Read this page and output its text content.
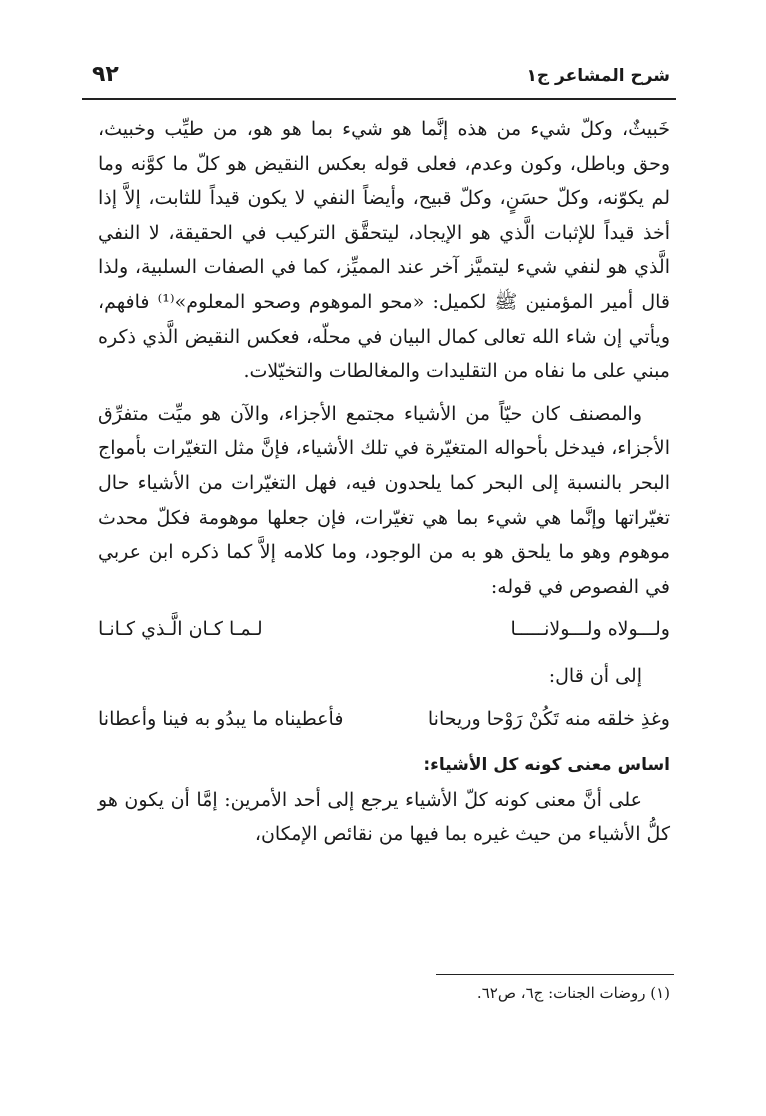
شرح المشاعر ج١
٩٢

خَبيثٌ، وكلّ شيء من هذه إنَّما هو شيء بما هو هو، من طيِّب وخبيث، وحق وباطل، وكون وعدم، فعلى قوله بعكس النقيض هو كلّ ما كوَّنه وما لم يكوّنه، وكلّ حسَنٍ، وكلّ قبيح، وأيضاً النفي لا يكون قيداً للثابت، إلاَّ إذا أخذ قيداً للإثبات الَّذي هو الإيجاد، ليتحقَّق التركيب في الحقيقة، لا النفي الَّذي هو لنفي شيء ليتميَّز آخر عند المميِّز، كما في الصفات السلبية، ولذا قال أمير المؤمنين ﷺ لكميل: «محو الموهوم وصحو المعلوم»⁽¹⁾ فافهم، ويأتي إن شاء الله تعالى كمال البيان في محلّه، فعكس النقيض الَّذي ذكره مبني على ما نفاه من التقليدات والمغالطات والتخيّلات.

والمصنف كان حيّاً من الأشياء مجتمع الأجزاء، والآن هو ميِّت متفرِّق الأجزاء، فيدخل بأحواله المتغيّرة في تلك الأشياء، فإنَّ مثل التغيّرات بأمواج البحر بالنسبة إلى البحر كما يلحدون فيه، فهل التغيّرات من الأشياء حال تغيّراتها وإنَّما هي شيء بما هي تغيّرات، فإن جعلها موهومة فكلّ محدث موهوم وهو ما يلحق هو به من الوجود، وما كلامه إلاَّ كما ذكره ابن عربي في الفصوص في قوله:

ولـــولاه ولـــولانـــــا
لـمـا كـان الَّـذي كـانـا
إلى أن قال:
وغذِ خلقه منه تَكُنْ رَوْحا وريحانا
فأعطيناه ما يبدُو به فينا وأعطانا
اساس معنى كونه كل الأشياء:

على أنَّ معنى كونه كلّ الأشياء يرجع إلى أحد الأمرين: إمَّا أن يكون هو كلُّ الأشياء من حيث غيره بما فيها من نقائص الإمكان،

(١) روضات الجنات: ج٦، ص٦٢.
